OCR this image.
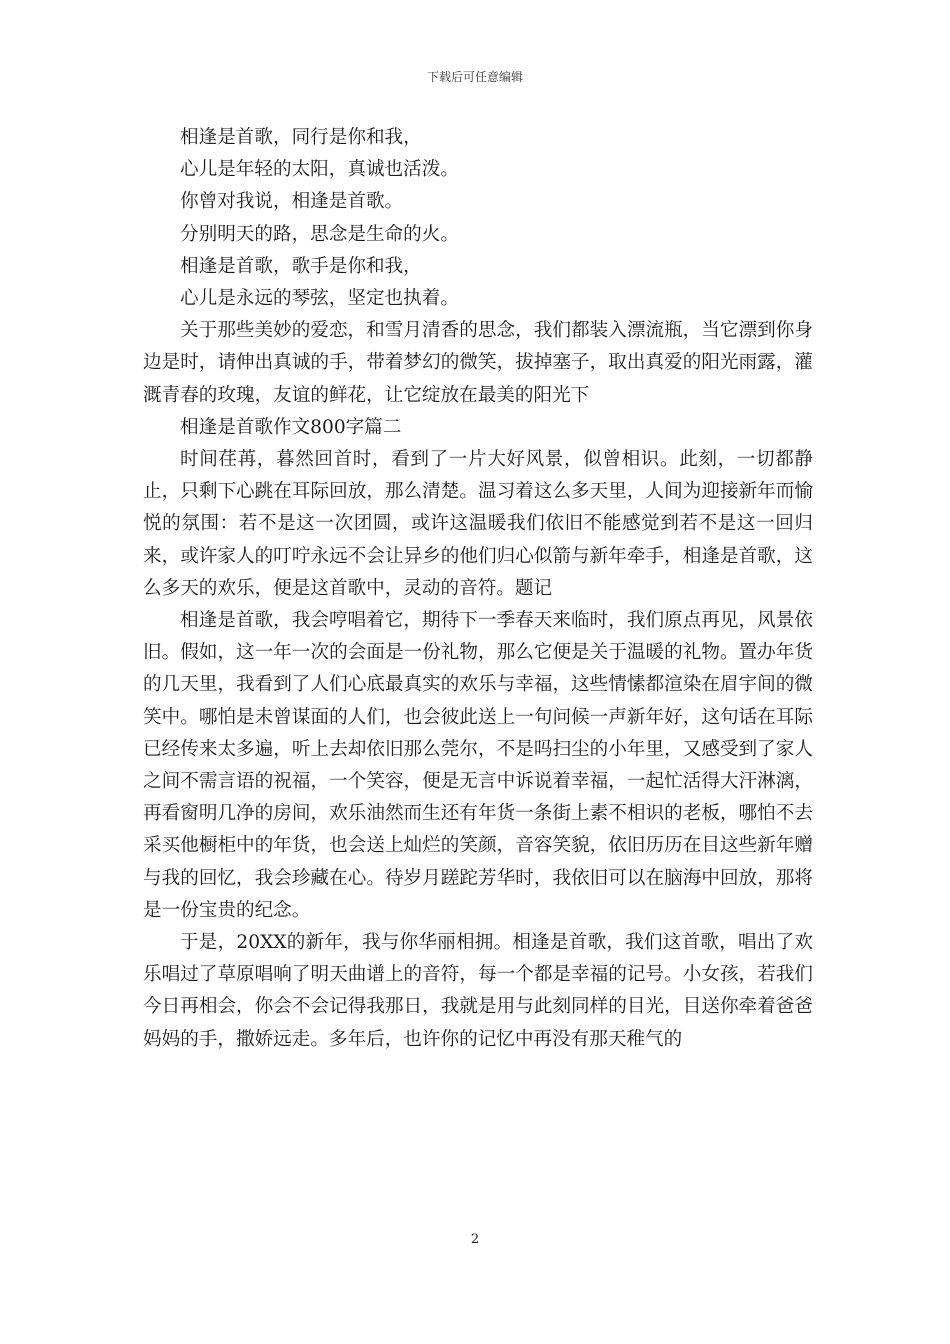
下载后可任意编辑

相逢是首歌，同行是你和我，

心儿是年轻的太阳，真诚也活泼。

你曾对我说，相逢是首歌。

分别明天的路，思念是生命的火。

相逢是首歌，歌手是你和我，

心儿是永远的琴弦，坚定也执着。

关于那些美妙的爱恋，和雪月清香的思念，我们都装入漂流瓶，当它漂到你身边是时，请伸出真诚的手，带着梦幻的微笑，拔掉塞子，取出真爱的阳光雨露，灌溉青春的玫瑰，友谊的鲜花，让它绽放在最美的阳光下

相逢是首歌作文800字篇二

时间荏苒，暮然回首时，看到了一片大好风景，似曾相识。此刻，一切都静止，只剩下心跳在耳际回放，那么清楚。温习着这么多天里，人间为迎接新年而愉悦的氛围：若不是这一次团圆，或许这温暖我们依旧不能感觉到若不是这一回归来，或许家人的叮咛永远不会让异乡的他们归心似箭与新年牵手，相逢是首歌，这么多天的欢乐，便是这首歌中，灵动的音符。题记

相逢是首歌，我会哼唱着它，期待下一季春天来临时，我们原点再见，风景依旧。假如，这一年一次的会面是一份礼物，那么它便是关于温暖的礼物。置办年货的几天里，我看到了人们心底最真实的欢乐与幸福，这些情愫都渲染在眉宇间的微笑中。哪怕是未曾谋面的人们，也会彼此送上一句问候一声新年好，这句话在耳际已经传来太多遍，听上去却依旧那么莞尔，不是吗扫尘的小年里，又感受到了家人之间不需言语的祝福，一个笑容，便是无言中诉说着幸福，一起忙活得大汗淋漓，再看窗明几净的房间，欢乐油然而生还有年货一条街上素不相识的老板，哪怕不去采买他橱柜中的年货，也会送上灿烂的笑颜，音容笑貌，依旧历历在目这些新年赠与我的回忆，我会珍藏在心。待岁月蹉跎芳华时，我依旧可以在脑海中回放，那将是一份宝贵的纪念。

于是，20XX的新年，我与你华丽相拥。相逢是首歌，我们这首歌，唱出了欢乐唱过了草原唱响了明天曲谱上的音符，每一个都是幸福的记号。小女孩，若我们今日再相会，你会不会记得我那日，我就是用与此刻同样的目光，目送你牵着爸爸妈妈的手，撒娇远走。多年后，也许你的记忆中再没有那天稚气的

2
